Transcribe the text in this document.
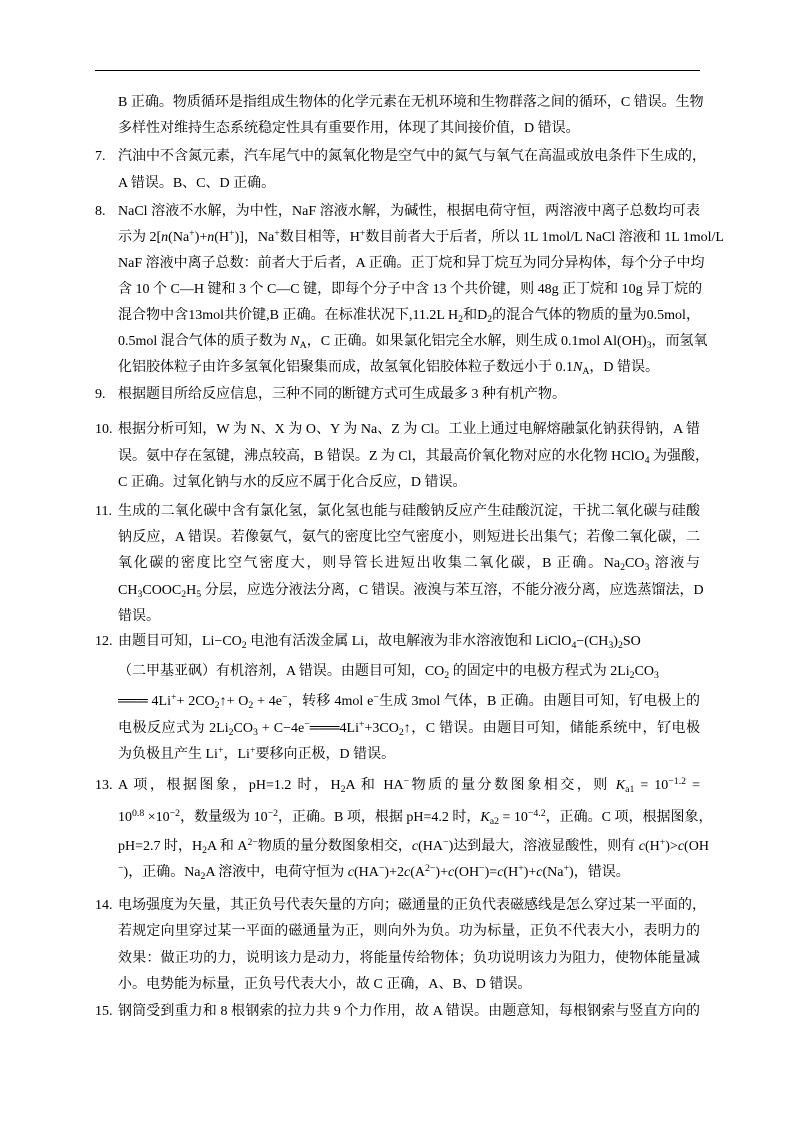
B 正确。物质循环是指组成生物体的化学元素在无机环境和生物群落之间的循环，C 错误。生物
多样性对维持生态系统稳定性具有重要作用，体现了其间接价值，D 错误。
7. 汽油中不含氮元素，汽车尾气中的氮氧化物是空气中的氮气与氧气在高温或放电条件下生成的，
A 错误。B、C、D 正确。
8. NaCl 溶液不水解，为中性，NaF 溶液水解，为碱性，根据电荷守恒，两溶液中离子总数均可表
示为 2[n(Na+)+n(H+)]，Na+数目相等，H+数目前者大于后者，所以 1L 1mol/L NaCl 溶液和 1L 1mol/L
NaF 溶液中离子总数：前者大于后者，A 正确。正丁烷和异丁烷互为同分异构体，每个分子中均
含 10 个 C—H 键和 3 个 C—C 键，即每个分子中含 13 个共价键，则 48g 正丁烷和 10g 异丁烷的
混合物中含13mol共价键,B 正确。在标准状况下,11.2L $H_2$和$D_2$的混合气体的物质的量为0.5mol，
0.5mol 混合气体的质子数为 $N_A$，C 正确。如果氯化铝完全水解，则生成 0.1mol $Al(OH)_3$，而氢氧
化铝胶体粒子由许多氢氧化铝聚集而成，故氢氧化铝胶体粒子数远小于 $0.1N_A$，D 错误。
9. 根据题目所给反应信息，三种不同的断键方式可生成最多 3 种有机产物。
10. 根据分析可知，W 为 N、X 为 O、Y 为 Na、Z 为 Cl。工业上通过电解熔融氯化钠获得钠，A 错
误。氨中存在氢键，沸点较高，B 错误。Z 为 Cl，其最高价氧化物对应的水化物 HClO$_4$ 为强酸，
C 正确。过氧化钠与水的反应不属于化合反应，D 错误。
11. 生成的二氧化碳中含有氯化氢，氯化氢也能与硅酸钠反应产生硅酸沉淀，干扰二氧化碳与硅酸
钠反应，A 错误。若像氨气，氨气的密度比空气密度小，则短进长出集气；若像二氧化碳，二
氧化碳的密度比空气密度大，则导管长进短出收集二氧化碳，B 正确。$Na_2CO_3$ 溶液与
$CH_3COOC_2H_5$ 分层，应选分液法分离，C 错误。液溴与苯互溶，不能分液分离，应选蒸馏法，D
错误。
12. 由题目可知，$Li-CO_2$ 电池有活泼金属 Li，故电解液为非水溶液饱和 $LiClO_4-(CH_3)_2SO$
（二甲基亚砜）有机溶剂，A 错误。由题目可知，$CO_2$ 的固定中的电极方程式为 $2Li_2CO_3$
═══ $4Li^++ 2CO_2↑+ O_2 + 4e^-$，转移 4mol e−生成 3mol 气体，B 正确。由题目可知，钌电极上的
电极反应式为 $2Li_2CO_3$ + $C-4e^-═══4Li^++3CO_2↑$，C 错误。由题目可知，储能系统中，钌电极
为负极且产生 Li+，Li+要移向正极，D 错误。
13. A 项，根据图象，pH=1.2 时，$H_2A$ 和 HA−物质的量分数图象相交，则 $K_{a1} = 10^{-1.2}$ =
$10^{0.8} \times 10^{-2}$，数量级为 $10^{-2}$，正确。B 项，根据 pH=4.2 时，$K_{a2} = 10^{-4.2}$，正确。C 项，根据图象，
pH=2.7 时，$H_2A$ 和 $A^{2-}$物质的量分数图象相交，c(HA−)达到最大，溶液显酸性，则有 c(H+)>c(OH
−)，正确。$Na_2A$ 溶液中，电荷守恒为 $c(HA^-)+2c(A^{2-})+c(OH^-)=c(H^+)+c(Na^+)$，错误。
14. 电场强度为矢量，其正负号代表矢量的方向；磁通量的正负代表磁感线是怎么穿过某一平面的，
若规定向里穿过某一平面的磁通量为正，则向外为负。功为标量，正负不代表大小，表明力的
效果：做正功的力，说明该力是动力，将能量传给物体；负功说明该力为阻力，使物体能量减
小。电势能为标量，正负号代表大小，故 C 正确，A、B、D 错误。
15. 钢筒受到重力和 8 根钢索的拉力共 9 个力作用，故 A 错误。由题意知，每根钢索与竖直方向的
